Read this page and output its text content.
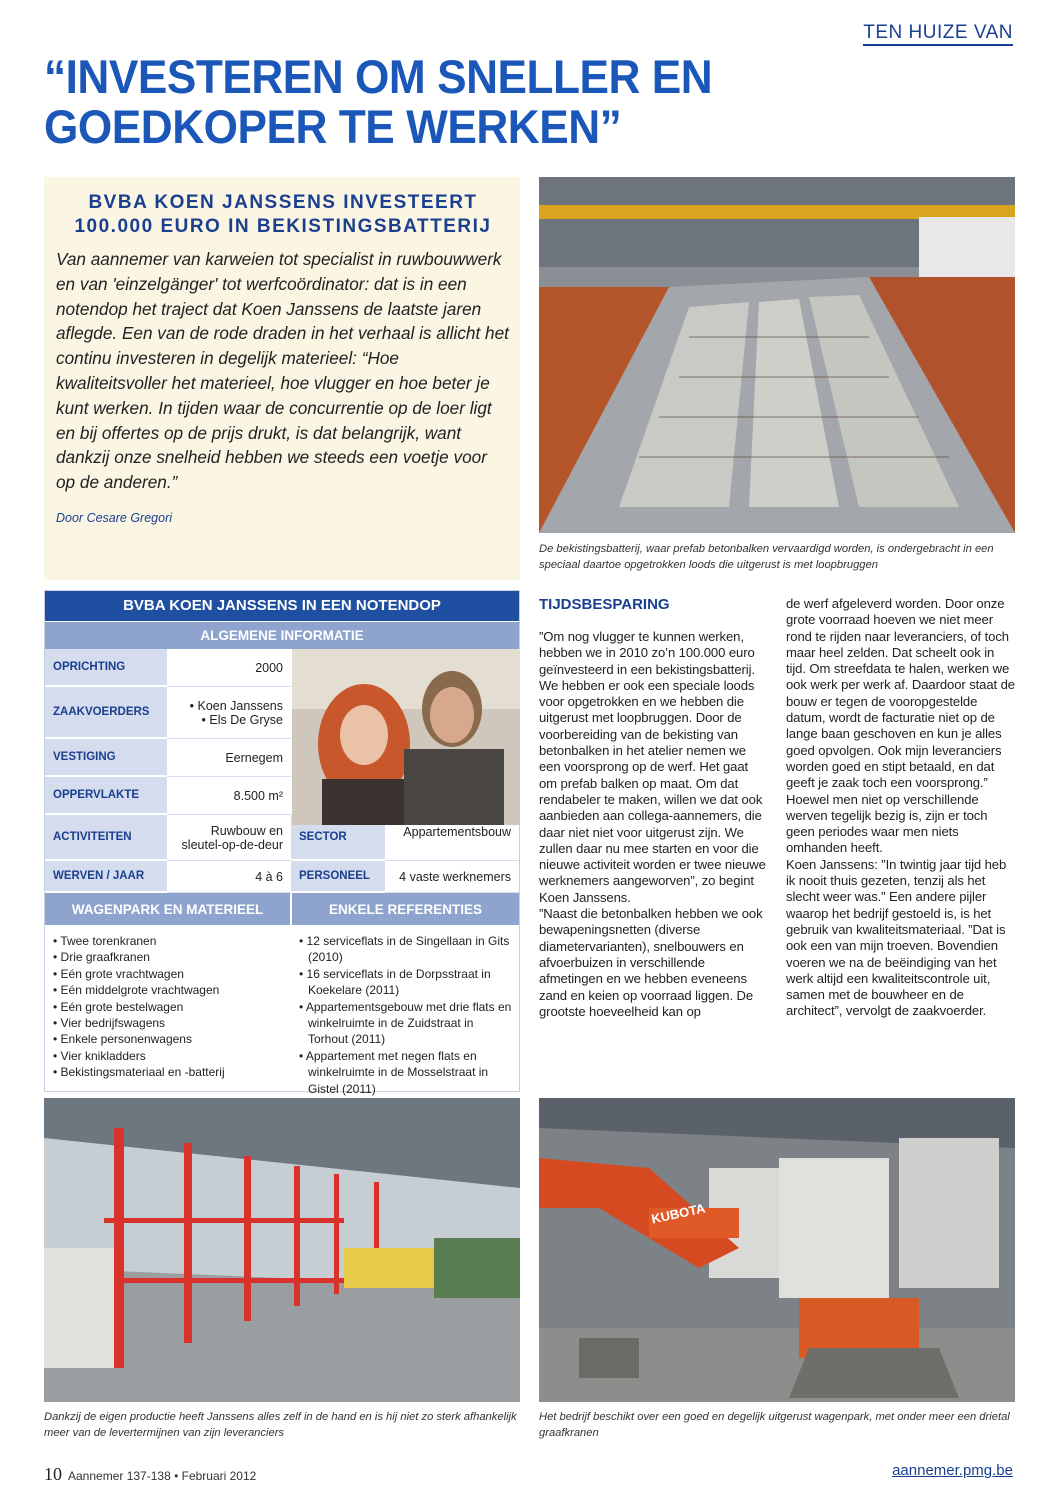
TEN HUIZE VAN
“INVESTEREN OM SNELLER EN GOEDKOPER TE WERKEN”
BVBA KOEN JANSSENS INVESTEERT 100.000 EURO IN BEKISTINGSBATTERIJ
Van aannemer van karweien tot specialist in ruwbouwwerk en van 'einzelgänger' tot werfcoördinator: dat is in een notendop het traject dat Koen Janssens de laatste jaren aflegde. Een van de rode draden in het verhaal is allicht het continu investeren in degelijk materieel: “Hoe kwaliteitsvoller het materieel, hoe vlugger en hoe beter je kunt werken. In tijden waar de concurrentie op de loer ligt en bij offertes op de prijs drukt, is dat belangrijk, want dankzij onze snelheid hebben we steeds een voetje voor op de anderen.”
Door Cesare Gregori
De bekistingsbatterij, waar prefab betonbalken vervaardigd worden, is ondergebracht in een speciaal daartoe opgetrokken loods die uitgerust is met loopbruggen
BVBA KOEN JANSSENS IN EEN NOTENDOP
ALGEMENE INFORMATIE
OPRICHTING	2000
ZAAKVOERDERS	• Koen Janssens
• Els De Gryse
VESTIGING	Eernegem
OPPERVLAKTE	8.500 m²
ACTIVITEITEN	Ruwbouw en sleutel-op-de-deur
SECTOR	Appartementsbouw
WERVEN / JAAR	4 à 6	PERSONEEL	4 vaste werknemers
WAGENPARK EN MATERIEEL	ENKELE REFERENTIES
• Twee torenkranen
• Drie graafkranen
• Eén grote vrachtwagen
• Eén middelgrote vrachtwagen
• Eén grote bestelwagen
• Vier bedrijfswagens
• Enkele personenwagens
• Vier knikladders
• Bekistingsmateriaal en -batterij
• 12 serviceflats in de Singellaan in Gits (2010)
• 16 serviceflats in de Dorpsstraat in Koekelare (2011)
• Appartementsgebouw met drie flats en winkelruimte in de Zuidstraat in Torhout (2011)
• Appartement met negen flats en winkelruimte in de Mosselstraat in Gistel (2011)
TIJDSBESPARING

”Om nog vlugger te kunnen werken, hebben we in 2010 zo’n 100.000 euro geïnvesteerd in een bekistingsbatterij. We hebben er ook een speciale loods voor opgetrokken en we hebben die uitgerust met loopbruggen. Door de voorbereiding van de bekisting van betonbalken in het atelier nemen we een voorsprong op de werf. Het gaat om prefab balken op maat. Om dat rendabeler te maken, willen we dat ook aanbieden aan collega-aannemers, die daar niet niet voor uitgerust zijn. We zullen daar nu mee starten en voor die nieuwe activiteit worden er twee nieuwe werknemers aangeworven”, zo begint Koen Janssens.

”Naast die betonbalken hebben we ook bewapeningsnetten (diverse diametervarianten), snelbouwers en afvoerbuizen in verschillende afmetingen en we hebben eveneens zand en keien op voorraad liggen. De grootste hoeveelheid kan op

de werf afgeleverd worden. Door onze grote voorraad hoeven we niet meer rond te rijden naar leveranciers, of toch maar heel zelden. Dat scheelt ook in tijd. Om streefdata te halen, werken we ook werk per werk af. Daardoor staat de bouw er tegen de vooropgestelde datum, wordt de facturatie niet op de lange baan geschoven en kun je alles goed opvolgen. Ook mijn leveranciers worden goed en stipt betaald, en dat geeft je zaak toch een voorsprong.” Hoewel men niet op verschillende werven tegelijk bezig is, zijn er toch geen periodes waar men niets omhanden heeft.

Koen Janssens: ”In twintig jaar tijd heb ik nooit thuis gezeten, tenzij als het slecht weer was.” Een andere pijler waarop het bedrijf gestoeld is, is het gebruik van kwaliteitsmateriaal. ”Dat is ook een van mijn troeven. Bovendien voeren we na de beëindiging van het werk altijd een kwaliteitscontrole uit, samen met de bouwheer en de architect”, vervolgt de zaakvoerder.

Dankzij de eigen productie heeft Janssens alles zelf in de hand en is hij niet zo sterk afhankelijk meer van de levertermijnen van zijn leveranciers
KUBOTA
Het bedrijf beschikt over een goed en degelijk uitgerust wagenpark, met onder meer een drietal graafkranen
10 Aannemer 137-138 • Februari 2012	aannemer.pmg.be
